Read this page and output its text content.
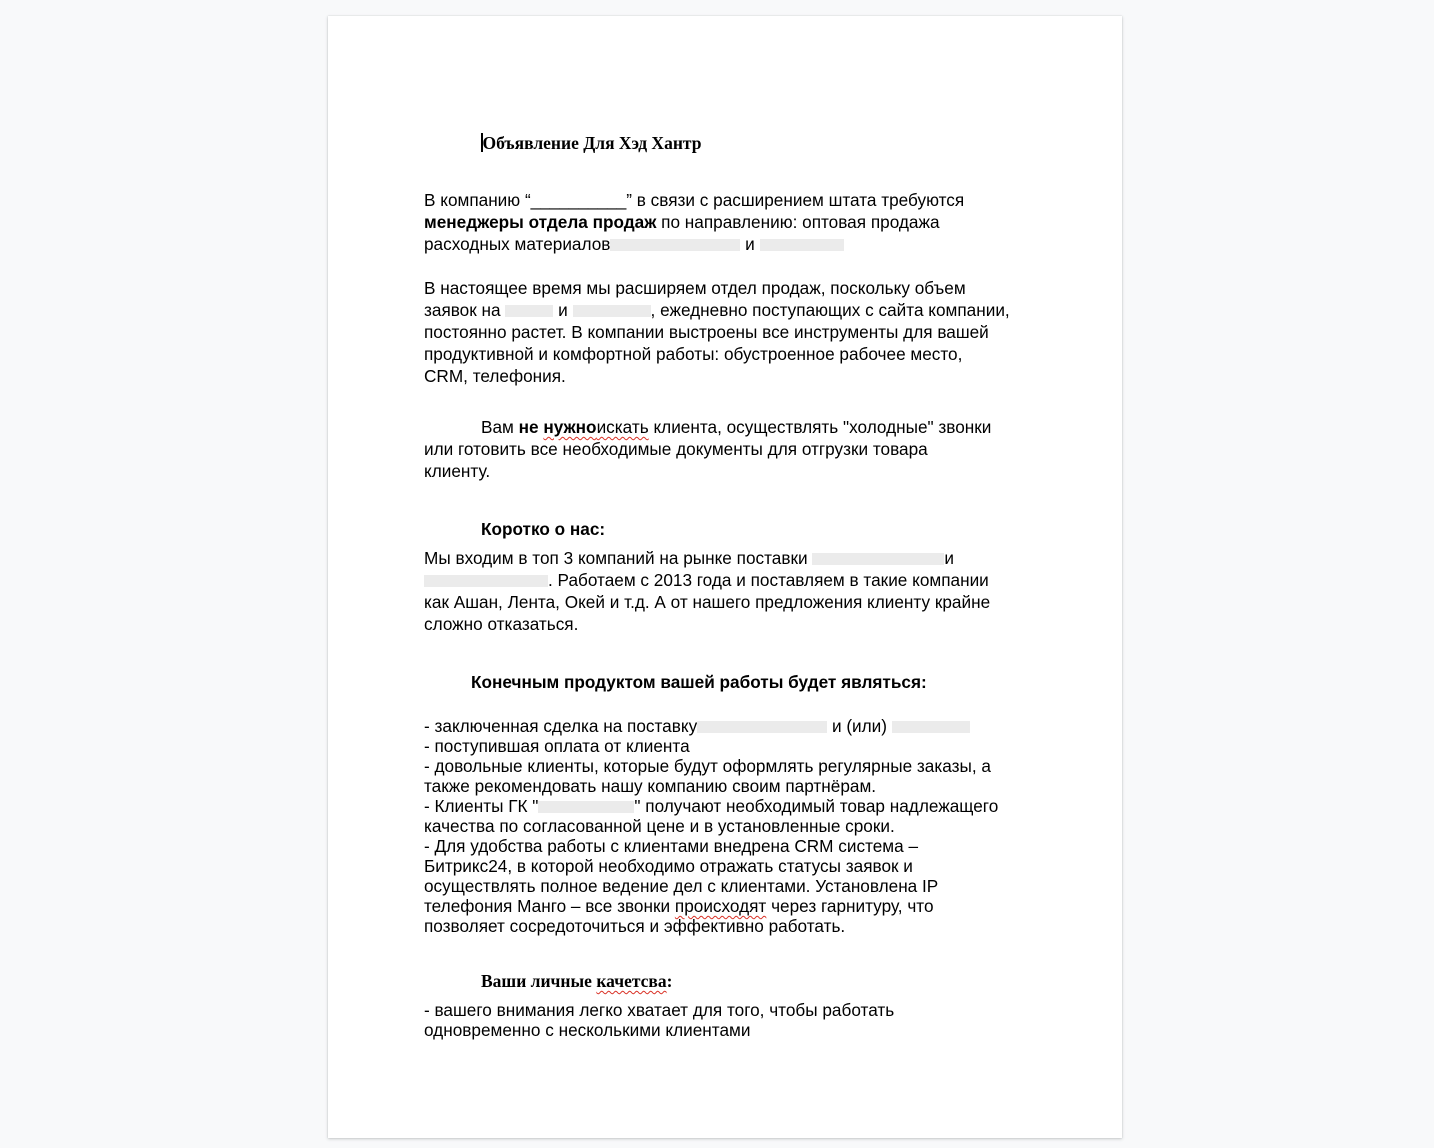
Объявление Для Хэд Хантр
В компанию “__________” в связи с расширением штата требуются
менеджеры отдела продаж по направлению: оптовая продажа
расходных материалов	и
В настоящее время мы расширяем отдел продаж, поскольку объем
заявок на	и	, ежедневно поступающих с сайта компании,
постоянно растет. В компании выстроены все инструменты для вашей
продуктивной и комфортной работы: обустроенное рабочее место,
CRM, телефония.
Вам не нужноискать клиента, осуществлять "холодные" звонки
или готовить все необходимые документы для отгрузки товара
клиенту.
Коротко о нас:
Мы входим в топ 3 компаний на рынке поставки	и
. Работаем с 2013 года и поставляем в такие компании
как Ашан, Лента, Окей и т.д. А от нашего предложения клиенту крайне
сложно отказаться.
Конечным продуктом вашей работы будет являться:
- заключенная сделка на поставку	и (или)
- поступившая оплата от клиента
- довольные клиенты, которые будут оформлять регулярные заказы, а
также рекомендовать нашу компанию своим партнёрам.
- Клиенты ГК "	" получают необходимый товар надлежащего
качества по согласованной цене и в установленные сроки.
- Для удобства работы с клиентами внедрена CRM система –
Битрикс24, в которой необходимо отражать статусы заявок и
осуществлять полное ведение дел с клиентами. Установлена IP
телефония Манго – все звонки происходят через гарнитуру, что
позволяет сосредоточиться и эффективно работать.
Ваши личные качетсва:
- вашего внимания легко хватает для того, чтобы работать
одновременно с несколькими клиентами
